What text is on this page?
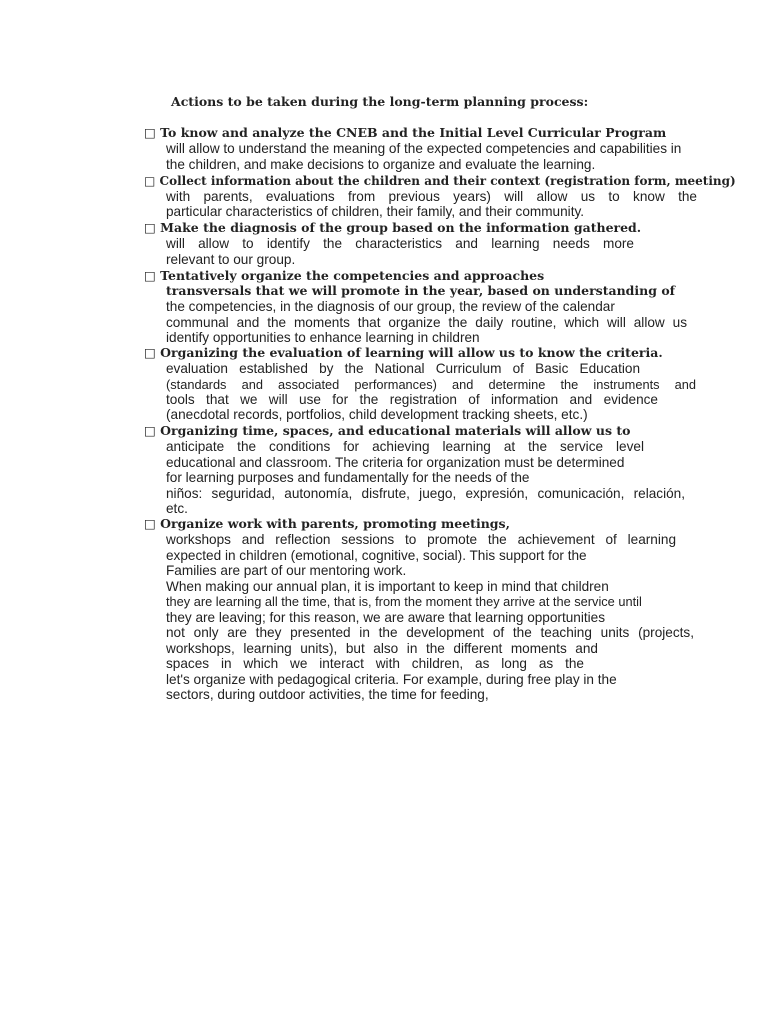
Actions to be taken during the long-term planning process:
□ To know and analyze the CNEB and the Initial Level Curricular Program
will allow to understand the meaning of the expected competencies and capabilities in
the children, and make decisions to organize and evaluate the learning.
□ Collect information about the children and their context (registration form, meeting)
with parents, evaluations from previous years) will allow us to know the
particular characteristics of children, their family, and their community.
□ Make the diagnosis of the group based on the information gathered.
will allow to identify the characteristics and learning needs more
relevant to our group.
□ Tentatively organize the competencies and approaches
transversals that we will promote in the year, based on understanding of
the competencies, in the diagnosis of our group, the review of the calendar
communal and the moments that organize the daily routine, which will allow us
identify opportunities to enhance learning in children
□ Organizing the evaluation of learning will allow us to know the criteria.
evaluation established by the National Curriculum of Basic Education
(standards and associated performances) and determine the instruments and
tools that we will use for the registration of information and evidence
(anecdotal records, portfolios, child development tracking sheets, etc.)
□ Organizing time, spaces, and educational materials will allow us to
anticipate the conditions for achieving learning at the service level
educational and classroom. The criteria for organization must be determined
for learning purposes and fundamentally for the needs of the
niños: seguridad, autonomía, disfrute, juego, expresión, comunicación, relación,
etc.
□ Organize work with parents, promoting meetings,
workshops and reflection sessions to promote the achievement of learning
expected in children (emotional, cognitive, social). This support for the
Families are part of our mentoring work.
When making our annual plan, it is important to keep in mind that children
they are learning all the time, that is, from the moment they arrive at the service until
they are leaving; for this reason, we are aware that learning opportunities
not only are they presented in the development of the teaching units (projects,
workshops, learning units), but also in the different moments and
spaces in which we interact with children, as long as the
let's organize with pedagogical criteria. For example, during free play in the
sectors, during outdoor activities, the time for feeding,
